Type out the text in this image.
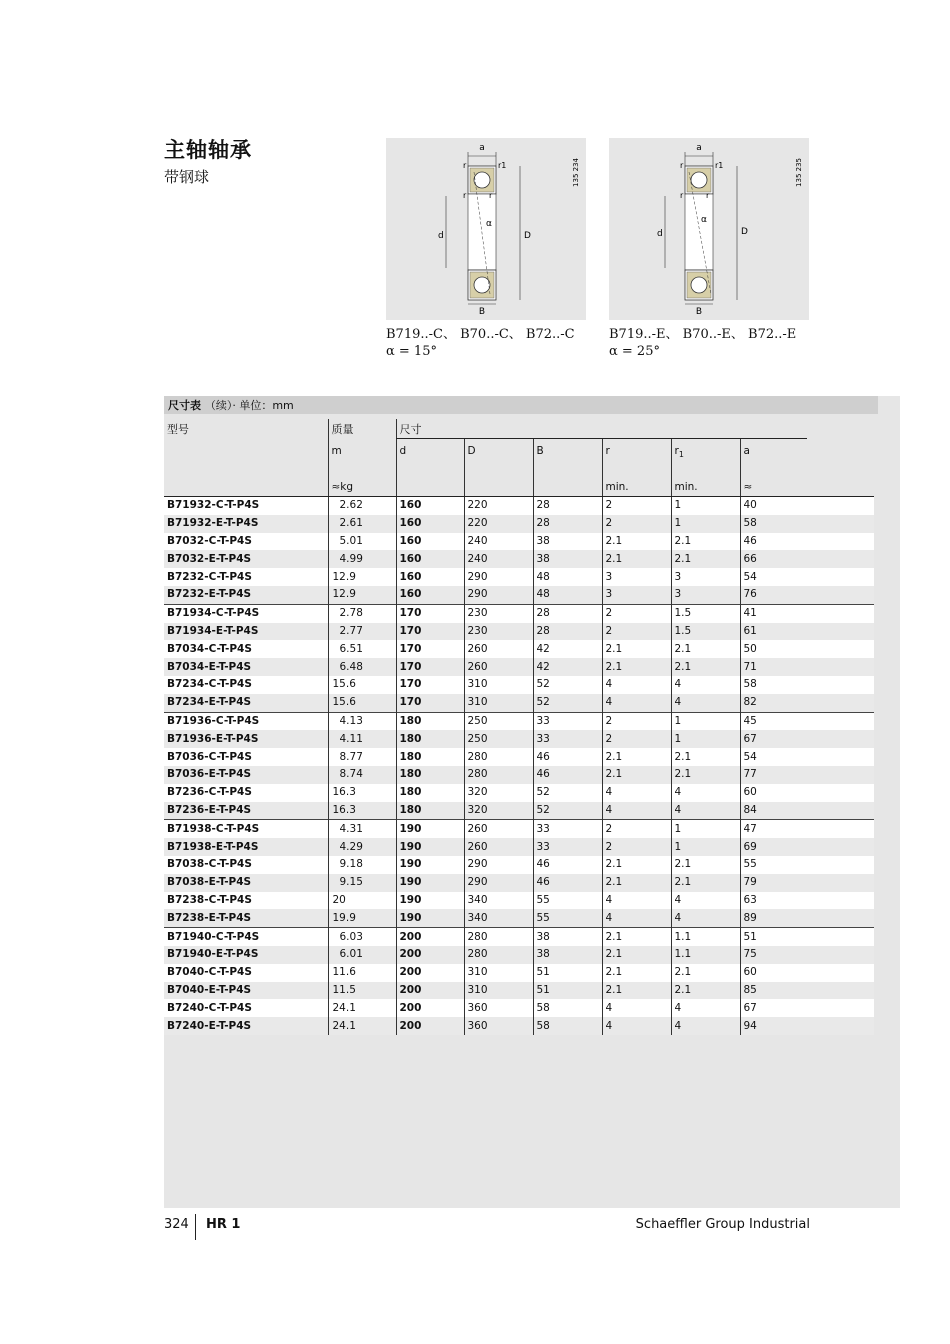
主轴轴承
带钢球	135 234
a
α
r	r1
r	r
d	D
B
135 235
a
α
r	r1
r	r
d	D
B
B719..-C、 B70..-C、 B72..-C
α = 15°
B719..-E、 B70..-E、 B72..-E
α = 25°
尺寸表 （续）· 单位：mm
型号	质量	尺寸						
	m	d	D	B	r	$r_1$	a	
	≈kg				min.	min.	≈	
B71932-C-T-P4S	2.62	160	220	28	2	1	40	
B71932-E-T-P4S	2.61	160	220	28	2	1	58	
B7032-C-T-P4S	5.01	160	240	38	2.1	2.1	46	
B7032-E-T-P4S	4.99	160	240	38	2.1	2.1	66	
B7232-C-T-P4S	12.9	160	290	48	3	3	54	
B7232-E-T-P4S	12.9	160	290	48	3	3	76	
B71934-C-T-P4S	2.78	170	230	28	2	1.5	41	
B71934-E-T-P4S	2.77	170	230	28	2	1.5	61	
B7034-C-T-P4S	6.51	170	260	42	2.1	2.1	50	
B7034-E-T-P4S	6.48	170	260	42	2.1	2.1	71	
B7234-C-T-P4S	15.6	170	310	52	4	4	58	
B7234-E-T-P4S	15.6	170	310	52	4	4	82	
B71936-C-T-P4S	4.13	180	250	33	2	1	45	
B71936-E-T-P4S	4.11	180	250	33	2	1	67	
B7036-C-T-P4S	8.77	180	280	46	2.1	2.1	54	
B7036-E-T-P4S	8.74	180	280	46	2.1	2.1	77	
B7236-C-T-P4S	16.3	180	320	52	4	4	60	
B7236-E-T-P4S	16.3	180	320	52	4	4	84	
B71938-C-T-P4S	4.31	190	260	33	2	1	47	
B71938-E-T-P4S	4.29	190	260	33	2	1	69	
B7038-C-T-P4S	9.18	190	290	46	2.1	2.1	55	
B7038-E-T-P4S	9.15	190	290	46	2.1	2.1	79	
B7238-C-T-P4S	20	190	340	55	4	4	63	
B7238-E-T-P4S	19.9	190	340	55	4	4	89	
B71940-C-T-P4S	6.03	200	280	38	2.1	1.1	51	
B71940-E-T-P4S	6.01	200	280	38	2.1	1.1	75	
B7040-C-T-P4S	11.6	200	310	51	2.1	2.1	60	
B7040-E-T-P4S	11.5	200	310	51	2.1	2.1	85	
B7240-C-T-P4S	24.1	200	360	58	4	4	67	
B7240-E-T-P4S	24.1	200	360	58	4	4	94	
324 HR 1	Schaeffler Group Industrial
